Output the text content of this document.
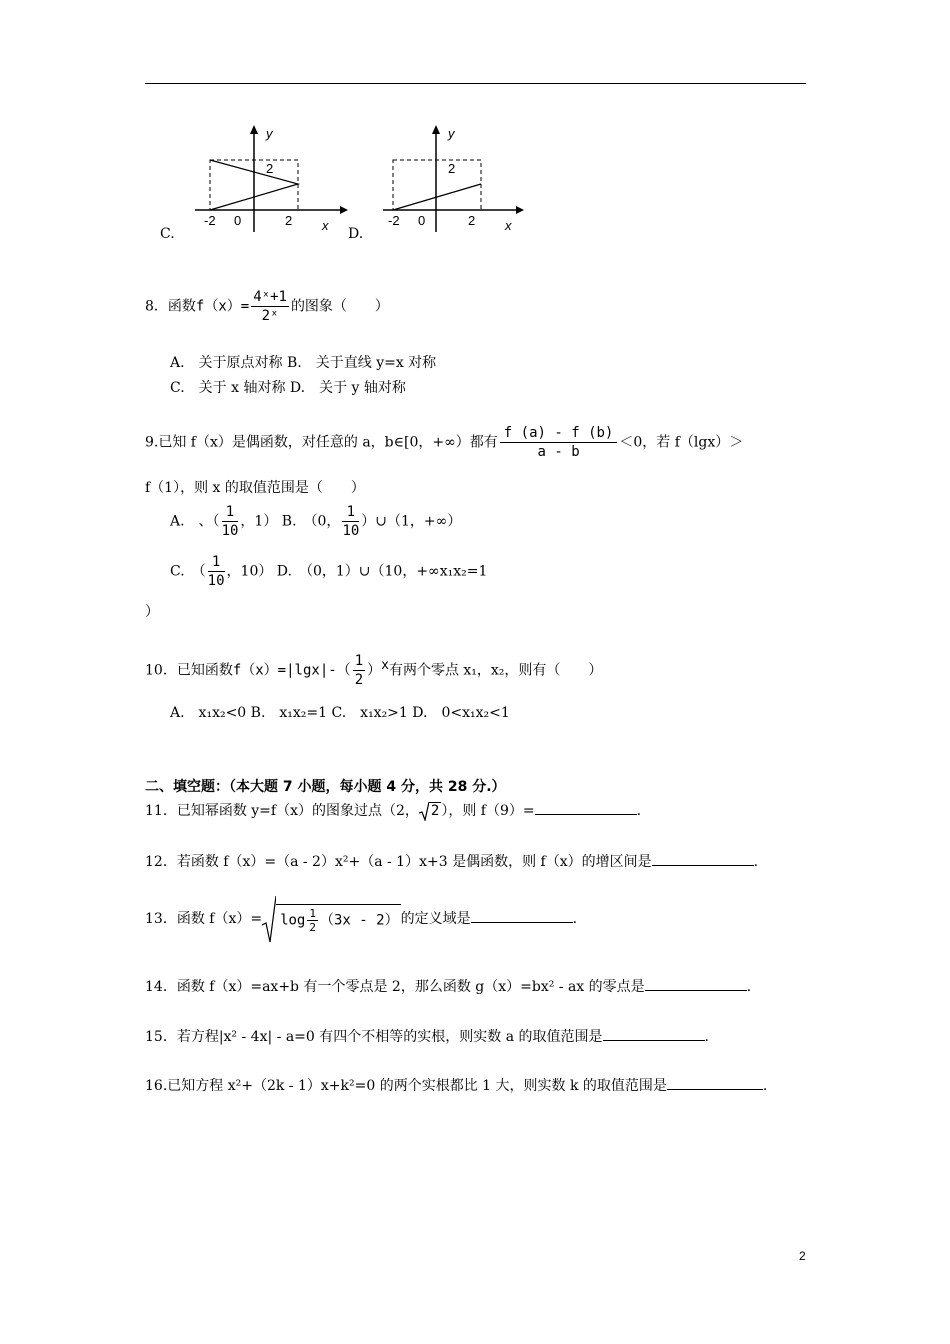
y
2
-2 0	2 x
C.
y
2
-2 0	2 x
D.
8．函数$f(x)= \frac{\text{4ˣ+1}}{\text{2ˣ}}$ 的图象（　　）
A.　关于原点对称 B.　关于直线 y=x 对称
C.　关于 x 轴对称 D.　关于 y 轴对称
9.已知 f（x）是偶函数，对任意的 a，b∈[0，+∞）都有 $\frac{f (a) - f (b)}{a - b} <0$，若 f（lgx）＞
f（1），则 x 的取值范围是（　　）
A.　、（ $\frac{1}{10}$ ，1） B.　（0， $\frac{1}{10}$ ）∪（1，+∞）
C.　（ $\frac{1}{10}$ ，10） D.　（0，1）∪（10，+∞x₁x₂=1
）
10．已知函数$f(x)=|\lg x|-( \frac{1}{2} )^x$有两个零点 x₁，x₂，则有（　　）
A.　x₁x₂<0 B.　x₁x₂=1 C.　x₁x₂>1 D.　0<x₁x₂<1
二、填空题：（本大题 7 小题，每小题 4 分，共 28 分.）
11．已知幂函数 y=f（x）的图象过点（2， 2 ），则 f（9）=	.
12．若函数 f（x）=（a - 2）x²+（a - 1）x+3 是偶函数，则 f（x）的增区间是	.
13．函数 $f(x)= \log \frac{1}{2} (3x - 2)$ 的定义域是	.
14．函数 f（x）=ax+b 有一个零点是 2，那么函数 g（x）=bx² - ax 的零点是	.
15．若方程|x² - 4x| - a=0 有四个不相等的实根，则实数 a 的取值范围是	.
16.已知方程 x²+（2k - 1）x+k²=0 的两个实根都比 1 大，则实数 k 的取值范围是	.
2
